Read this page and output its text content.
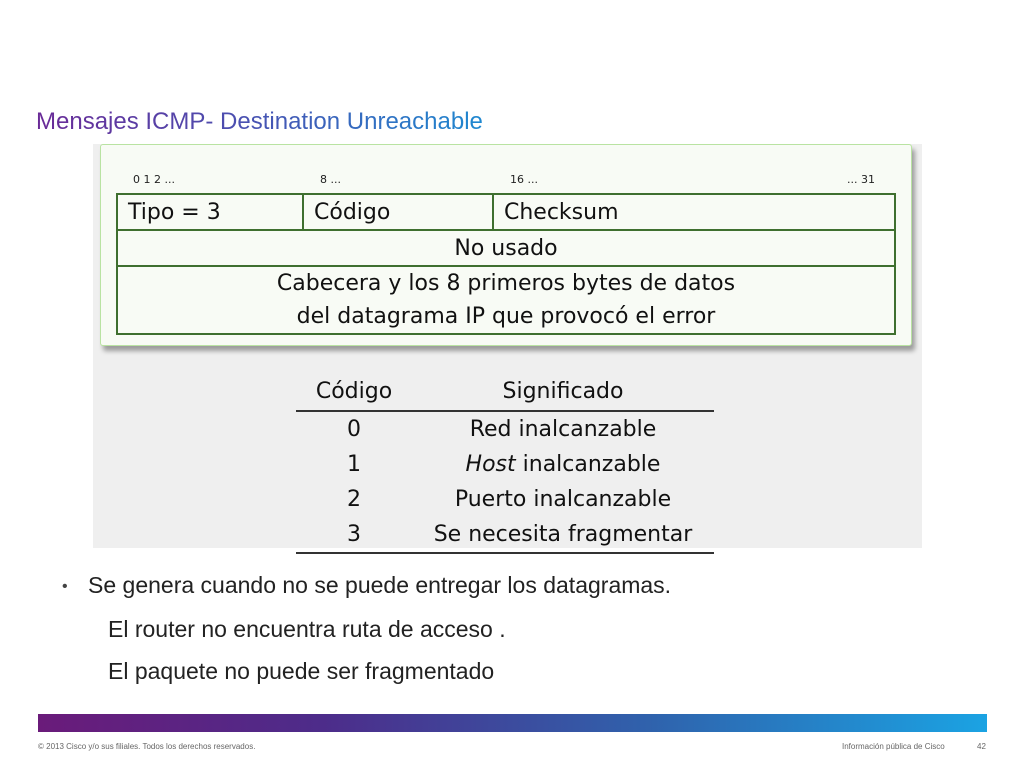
Mensajes ICMP- Destination Unreachable
0 1 2 ...	8 ...	16 ...	... 31
Tipo = 3	Código	Checksum
No usado

Cabecera y los 8 primeros bytes de datos
del datagrama IP que provocó el error
Código	Significado
0	Red inalcanzable
1	Host inalcanzable
2	Puerto inalcanzable
3	Se necesita fragmentar
• Se genera cuando no se puede entregar los datagramas.
El router no encuentra ruta de acceso .
El paquete no puede ser fragmentado
© 2013 Cisco y/o sus filiales. Todos los derechos reservados.	Información pública de Cisco	42
